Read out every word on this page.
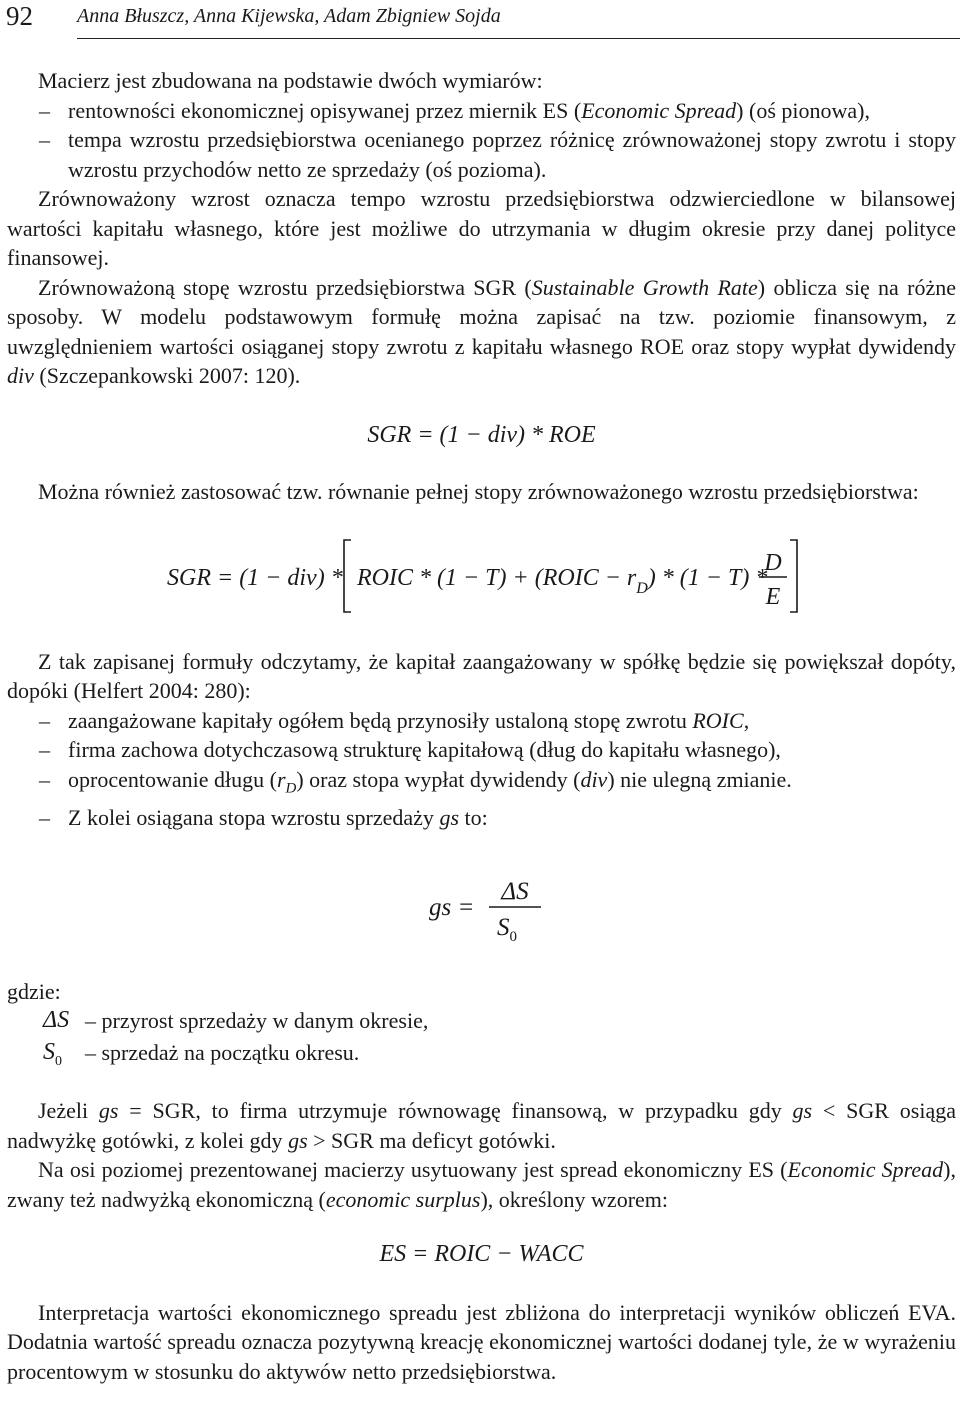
92 Anna Błuszcz, Anna Kijewska, Adam Zbigniew Sojda

Macierz jest zbudowana na podstawie dwóch wymiarów:

– rentowności ekonomicznej opisywanej przez miernik ES (Economic Spread) (oś pionowa),
– tempa wzrostu przedsiębiorstwa ocenianego poprzez różnicę zrównoważonej stopy zwrotu i stopy wzrostu przychodów netto ze sprzedaży (oś pozioma).

Zrównoważony wzrost oznacza tempo wzrostu przedsiębiorstwa odzwierciedlone w bilansowej wartości kapitału własnego, które jest możliwe do utrzymania w długim okresie przy danej polityce finansowej.

Zrównoważoną stopę wzrostu przedsiębiorstwa SGR (Sustainable Growth Rate) oblicza się na różne sposoby. W modelu podstawowym formułę można zapisać na tzw. poziomie finansowym, z uwzględnieniem wartości osiąganej stopy zwrotu z kapitału własnego ROE oraz stopy wypłat dywidendy div (Szczepankowski 2007: 120).

SGR = (1 − div) * ROE

Można również zastosować tzw. równanie pełnej stopy zrównoważonego wzrostu przedsiębiorstwa:

SGR = (1 − div) * ROIC * (1 − T) + (ROIC − $r_D) * (1 - T)$ *
D
E

Z tak zapisanej formuły odczytamy, że kapitał zaangażowany w spółkę będzie się powiększał dopóty, dopóki (Helfert 2004: 280):

– zaangażowane kapitały ogółem będą przynosiły ustaloną stopę zwrotu ROIC,
– firma zachowa dotychczasową strukturę kapitałową (dług do kapitału własnego),
– oprocentowanie długu $(r_D)$ oraz stopa wypłat dywidendy (div) nie ulegną zmianie.
– Z kolei osiągana stopa wzrostu sprzedaży gs to:
gs =
ΔS
$S_0$

gdzie:

ΔS – przyrost sprzedaży w danym okresie,
$S_0$ – sprzedaż na początku okresu.

Jeżeli gs = SGR, to firma utrzymuje równowagę finansową, w przypadku gdy gs < SGR osiąga nadwyżkę gotówki, z kolei gdy gs > SGR ma deficyt gotówki.

Na osi poziomej prezentowanej macierzy usytuowany jest spread ekonomiczny ES (Economic Spread), zwany też nadwyżką ekonomiczną (economic surplus), określony wzorem:

ES = ROIC − WACC

Interpretacja wartości ekonomicznego spreadu jest zbliżona do interpretacji wyników obliczeń EVA. Dodatnia wartość spreadu oznacza pozytywną kreację ekonomicznej wartości dodanej tyle, że w wyrażeniu procentowym w stosunku do aktywów netto przedsiębiorstwa.
